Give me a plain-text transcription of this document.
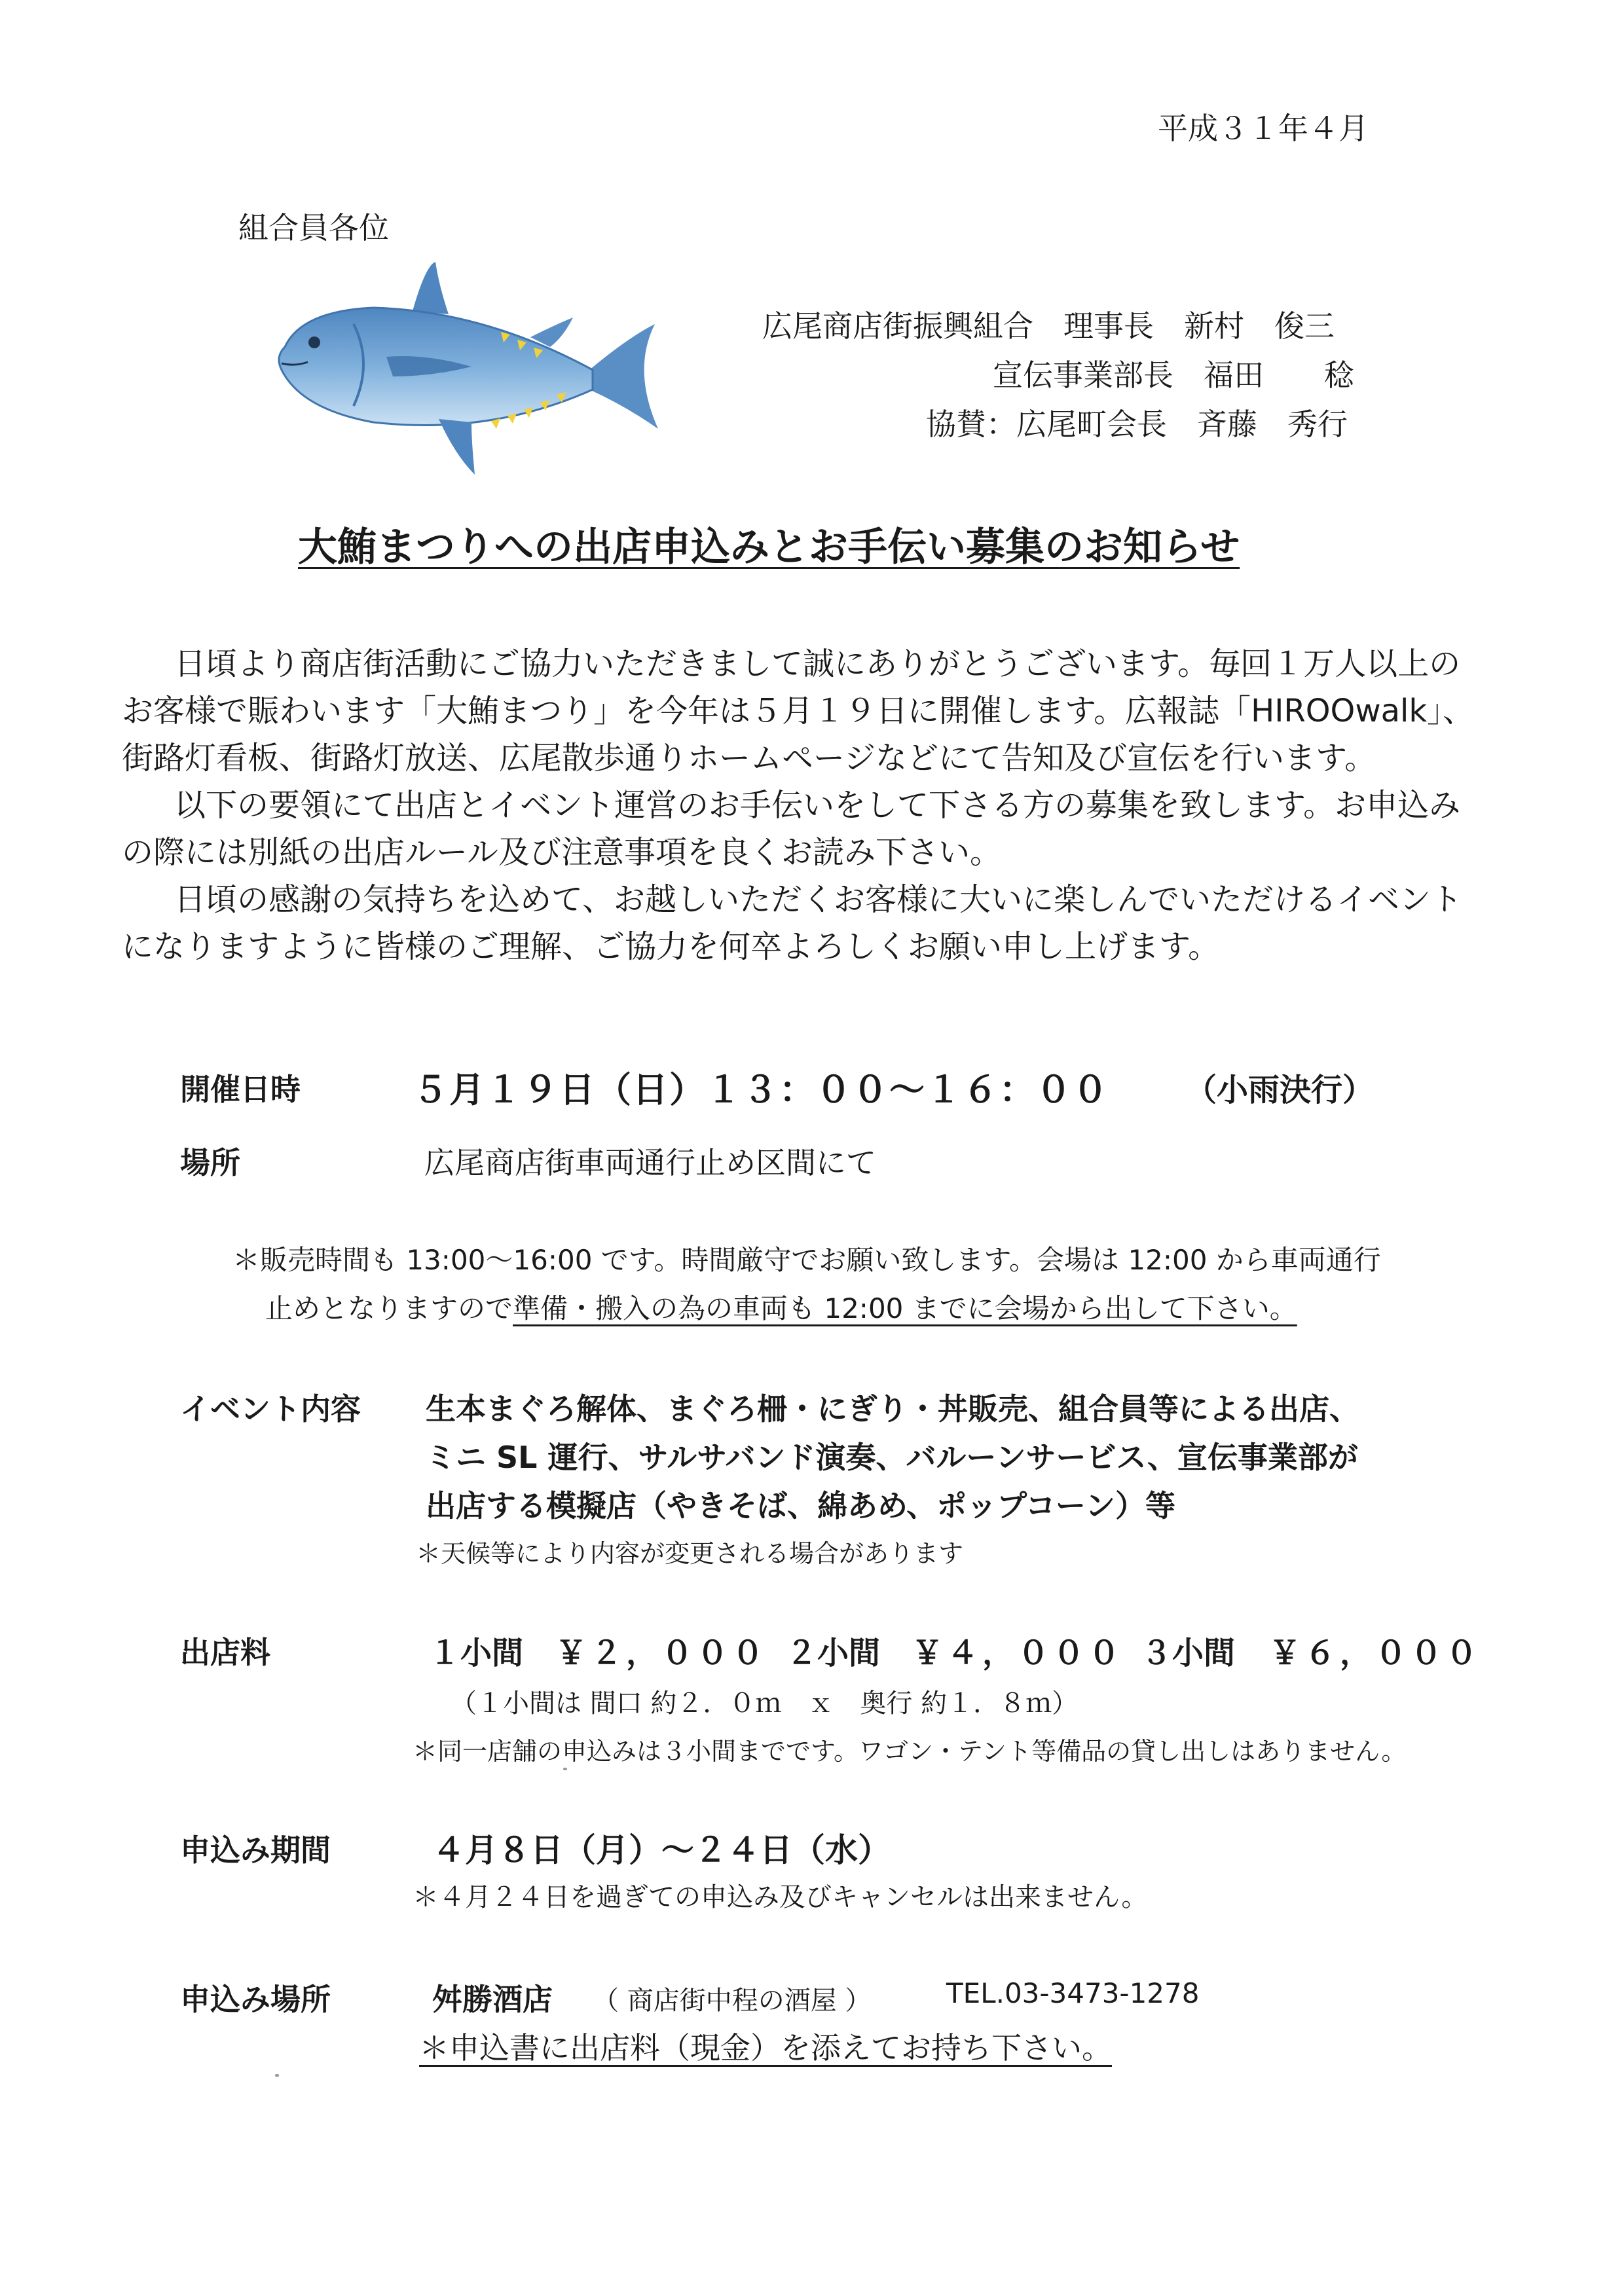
平成３１年４月
組合員各位
広尾商店街振興組合　理事長　新村　俊三
宣伝事業部長　福田　　稔
協賛：広尾町会長　斉藤　秀行
大鮪まつりへの出店申込みとお手伝い募集のお知らせ

日頃より商店街活動にご協力いただきまして誠にありがとうございます。毎回１万人以上のお客様で賑わいます「大鮪まつり」を今年は５月１９日に開催します。広報誌「HIROOwalk」、街路灯看板、街路灯放送、広尾散歩通りホームページなどにて告知及び宣伝を行います。

以下の要領にて出店とイベント運営のお手伝いをして下さる方の募集を致します。お申込みの際には別紙の出店ルール及び注意事項を良くお読み下さい。

日頃の感謝の気持ちを込めて、お越しいただくお客様に大いに楽しんでいただけるイベントになりますように皆様のご理解、ご協力を何卒よろしくお願い申し上げます。

開催日時	５月１９日（日）１３：００〜１６：００ （小雨決行）
場所	広尾商店街車両通行止め区間にて
＊販売時間も 13:00〜16:00 です。時間厳守でお願い致します。会場は 12:00 から車両通行
止めとなりますので準備・搬入の為の車両も 12:00 までに会場から出して下さい。
イベント内容 生本まぐろ解体、まぐろ柵・にぎり・丼販売、組合員等による出店、
ミニ SL 運行、サルサバンド演奏、バルーンサービス、宣伝事業部が
出店する模擬店（やきそば、綿あめ、ポップコーン）等
＊天候等により内容が変更される場合があります
出店料	１小間 ￥２，０００ ２小間 ￥４，０００ ３小間 ￥６，０００
（１小間は 間口 約２．０ｍ　ｘ　奥行 約１．８ｍ）
＊同一店舗の申込みは３小間までです。ワゴン・テント等備品の貸し出しはありません。
申込み期間	４月８日（月）〜２４日（水）
＊４月２４日を過ぎての申込み及びキャンセルは出来ません。
申込み場所	舛勝酒店 （ 商店街中程の酒屋 ）	TEL.03-3473-1278
＊申込書に出店料（現金）を添えてお持ち下さい。
